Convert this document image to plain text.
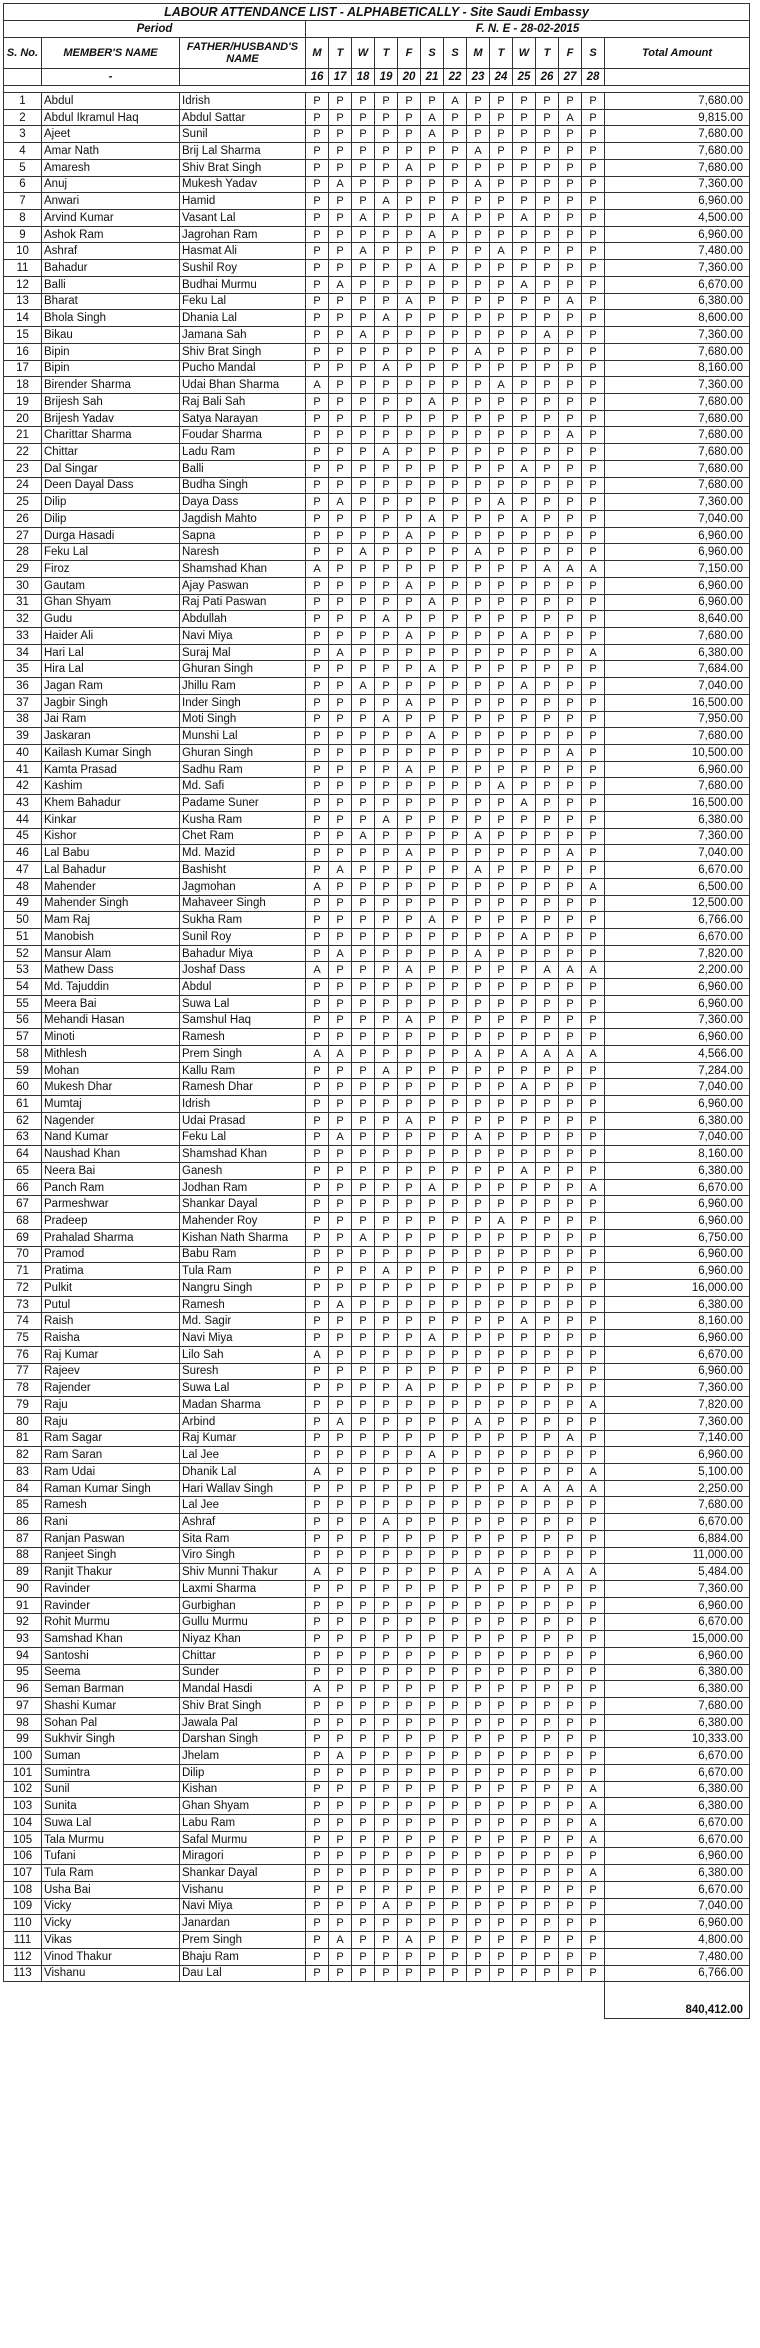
LABOUR ATTENDANCE LIST - ALPHABETICALLY - Site Saudi Embassy																
Period			F. N. E - 28-02-2015													
S. No.	MEMBER'S NAME	FATHER/HUSBAND'S NAME	M	T	W	T	F	S	S	M	T	W	T	F	S	Total Amount
	-		16	17	18	19	20	21	22	23	24	25	26	27	28	

1	Abdul	Idrish	P	P	P	P	P	P	A	P	P	P	P	P	P	7,680.00
2	Abdul Ikramul Haq	Abdul Sattar	P	P	P	P	P	A	P	P	P	P	P	A	P	9,815.00
3	Ajeet	Sunil	P	P	P	P	P	A	P	P	P	P	P	P	P	7,680.00
4	Amar Nath	Brij Lal Sharma	P	P	P	P	P	P	P	A	P	P	P	P	P	7,680.00
5	Amaresh	Shiv Brat Singh	P	P	P	P	A	P	P	P	P	P	P	P	P	7,680.00
6	Anuj	Mukesh Yadav	P	A	P	P	P	P	P	A	P	P	P	P	P	7,360.00
7	Anwari	Hamid	P	P	P	A	P	P	P	P	P	P	P	P	P	6,960.00
8	Arvind Kumar	Vasant Lal	P	P	A	P	P	P	A	P	P	A	P	P	P	4,500.00
9	Ashok Ram	Jagrohan Ram	P	P	P	P	P	A	P	P	P	P	P	P	P	6,960.00
10	Ashraf	Hasmat Ali	P	P	A	P	P	P	P	P	A	P	P	P	P	7,480.00
11	Bahadur	Sushil Roy	P	P	P	P	P	A	P	P	P	P	P	P	P	7,360.00
12	Balli	Budhai Murmu	P	A	P	P	P	P	P	P	P	A	P	P	P	6,670.00
13	Bharat	Feku Lal	P	P	P	P	A	P	P	P	P	P	P	A	P	6,380.00
14	Bhola Singh	Dhania Lal	P	P	P	A	P	P	P	P	P	P	P	P	P	8,600.00
15	Bikau	Jamana Sah	P	P	A	P	P	P	P	P	P	P	A	P	P	7,360.00
16	Bipin	Shiv Brat Singh	P	P	P	P	P	P	P	A	P	P	P	P	P	7,680.00
17	Bipin	Pucho Mandal	P	P	P	A	P	P	P	P	P	P	P	P	P	8,160.00
18	Birender Sharma	Udai Bhan Sharma	A	P	P	P	P	P	P	P	A	P	P	P	P	7,360.00
19	Brijesh Sah	Raj Bali Sah	P	P	P	P	P	A	P	P	P	P	P	P	P	7,680.00
20	Brijesh Yadav	Satya Narayan	P	P	P	P	P	P	P	P	P	P	P	P	P	7,680.00
21	Charittar Sharma	Foudar Sharma	P	P	P	P	P	P	P	P	P	P	P	A	P	7,680.00
22	Chittar	Ladu Ram	P	P	P	A	P	P	P	P	P	P	P	P	P	7,680.00
23	Dal Singar	Balli	P	P	P	P	P	P	P	P	P	A	P	P	P	7,680.00
24	Deen Dayal Dass	Budha Singh	P	P	P	P	P	P	P	P	P	P	P	P	P	7,680.00
25	Dilip	Daya Dass	P	A	P	P	P	P	P	P	A	P	P	P	P	7,360.00
26	Dilip	Jagdish Mahto	P	P	P	P	P	A	P	P	P	A	P	P	P	7,040.00
27	Durga Hasadi	Sapna	P	P	P	P	A	P	P	P	P	P	P	P	P	6,960.00
28	Feku Lal	Naresh	P	P	A	P	P	P	P	A	P	P	P	P	P	6,960.00
29	Firoz	Shamshad Khan	A	P	P	P	P	P	P	P	P	P	A	A	A	7,150.00
30	Gautam	Ajay Paswan	P	P	P	P	A	P	P	P	P	P	P	P	P	6,960.00
31	Ghan Shyam	Raj Pati Paswan	P	P	P	P	P	A	P	P	P	P	P	P	P	6,960.00
32	Gudu	Abdullah	P	P	P	A	P	P	P	P	P	P	P	P	P	8,640.00
33	Haider Ali	Navi Miya	P	P	P	P	A	P	P	P	P	A	P	P	P	7,680.00
34	Hari Lal	Suraj Mal	P	A	P	P	P	P	P	P	P	P	P	P	A	6,380.00
35	Hira Lal	Ghuran Singh	P	P	P	P	P	A	P	P	P	P	P	P	P	7,684.00
36	Jagan Ram	Jhillu Ram	P	P	A	P	P	P	P	P	P	A	P	P	P	7,040.00
37	Jagbir Singh	Inder Singh	P	P	P	P	A	P	P	P	P	P	P	P	P	16,500.00
38	Jai Ram	Moti Singh	P	P	P	A	P	P	P	P	P	P	P	P	P	7,950.00
39	Jaskaran	Munshi Lal	P	P	P	P	P	A	P	P	P	P	P	P	P	7,680.00
40	Kailash Kumar Singh	Ghuran Singh	P	P	P	P	P	P	P	P	P	P	P	A	P	10,500.00
41	Kamta Prasad	Sadhu Ram	P	P	P	P	A	P	P	P	P	P	P	P	P	6,960.00
42	Kashim	Md. Safi	P	P	P	P	P	P	P	P	A	P	P	P	P	7,680.00
43	Khem Bahadur	Padame Suner	P	P	P	P	P	P	P	P	P	A	P	P	P	16,500.00
44	Kinkar	Kusha Ram	P	P	P	A	P	P	P	P	P	P	P	P	P	6,380.00
45	Kishor	Chet Ram	P	P	A	P	P	P	P	A	P	P	P	P	P	7,360.00
46	Lal Babu	Md. Mazid	P	P	P	P	A	P	P	P	P	P	P	A	P	7,040.00
47	Lal Bahadur	Bashisht	P	A	P	P	P	P	P	A	P	P	P	P	P	6,670.00
48	Mahender	Jagmohan	A	P	P	P	P	P	P	P	P	P	P	P	A	6,500.00
49	Mahender Singh	Mahaveer Singh	P	P	P	P	P	P	P	P	P	P	P	P	P	12,500.00
50	Mam Raj	Sukha Ram	P	P	P	P	P	A	P	P	P	P	P	P	P	6,766.00
51	Manobish	Sunil Roy	P	P	P	P	P	P	P	P	P	A	P	P	P	6,670.00
52	Mansur Alam	Bahadur Miya	P	A	P	P	P	P	P	A	P	P	P	P	P	7,820.00
53	Mathew Dass	Joshaf Dass	A	P	P	P	A	P	P	P	P	P	A	A	A	2,200.00
54	Md. Tajuddin	Abdul	P	P	P	P	P	P	P	P	P	P	P	P	P	6,960.00
55	Meera Bai	Suwa Lal	P	P	P	P	P	P	P	P	P	P	P	P	P	6,960.00
56	Mehandi Hasan	Samshul Haq	P	P	P	P	A	P	P	P	P	P	P	P	P	7,360.00
57	Minoti	Ramesh	P	P	P	P	P	P	P	P	P	P	P	P	P	6,960.00
58	Mithlesh	Prem Singh	A	A	P	P	P	P	P	A	P	A	A	A	A	4,566.00
59	Mohan	Kallu Ram	P	P	P	A	P	P	P	P	P	P	P	P	P	7,284.00
60	Mukesh Dhar	Ramesh Dhar	P	P	P	P	P	P	P	P	P	A	P	P	P	7,040.00
61	Mumtaj	Idrish	P	P	P	P	P	P	P	P	P	P	P	P	P	6,960.00
62	Nagender	Udai Prasad	P	P	P	P	A	P	P	P	P	P	P	P	P	6,380.00
63	Nand Kumar	Feku Lal	P	A	P	P	P	P	P	A	P	P	P	P	P	7,040.00
64	Naushad Khan	Shamshad Khan	P	P	P	P	P	P	P	P	P	P	P	P	P	8,160.00
65	Neera Bai	Ganesh	P	P	P	P	P	P	P	P	P	A	P	P	P	6,380.00
66	Panch Ram	Jodhan Ram	P	P	P	P	P	A	P	P	P	P	P	P	A	6,670.00
67	Parmeshwar	Shankar Dayal	P	P	P	P	P	P	P	P	P	P	P	P	P	6,960.00
68	Pradeep	Mahender Roy	P	P	P	P	P	P	P	P	A	P	P	P	P	6,960.00
69	Prahalad Sharma	Kishan Nath Sharma	P	P	A	P	P	P	P	P	P	P	P	P	P	6,750.00
70	Pramod	Babu Ram	P	P	P	P	P	P	P	P	P	P	P	P	P	6,960.00
71	Pratima	Tula Ram	P	P	P	A	P	P	P	P	P	P	P	P	P	6,960.00
72	Pulkit	Nangru Singh	P	P	P	P	P	P	P	P	P	P	P	P	P	16,000.00
73	Putul	Ramesh	P	A	P	P	P	P	P	P	P	P	P	P	P	6,380.00
74	Raish	Md. Sagir	P	P	P	P	P	P	P	P	P	A	P	P	P	8,160.00
75	Raisha	Navi Miya	P	P	P	P	P	A	P	P	P	P	P	P	P	6,960.00
76	Raj Kumar	Lilo Sah	A	P	P	P	P	P	P	P	P	P	P	P	P	6,670.00
77	Rajeev	Suresh	P	P	P	P	P	P	P	P	P	P	P	P	P	6,960.00
78	Rajender	Suwa Lal	P	P	P	P	A	P	P	P	P	P	P	P	P	7,360.00
79	Raju	Madan Sharma	P	P	P	P	P	P	P	P	P	P	P	P	A	7,820.00
80	Raju	Arbind	P	A	P	P	P	P	P	A	P	P	P	P	P	7,360.00
81	Ram Sagar	Raj Kumar	P	P	P	P	P	P	P	P	P	P	P	A	P	7,140.00
82	Ram Saran	Lal Jee	P	P	P	P	P	A	P	P	P	P	P	P	P	6,960.00
83	Ram Udai	Dhanik Lal	A	P	P	P	P	P	P	P	P	P	P	P	A	5,100.00
84	Raman Kumar Singh	Hari Wallav Singh	P	P	P	P	P	P	P	P	P	A	A	A	A	2,250.00
85	Ramesh	Lal Jee	P	P	P	P	P	P	P	P	P	P	P	P	P	7,680.00
86	Rani	Ashraf	P	P	P	A	P	P	P	P	P	P	P	P	P	6,670.00
87	Ranjan Paswan	Sita Ram	P	P	P	P	P	P	P	P	P	P	P	P	P	6,884.00
88	Ranjeet Singh	Viro Singh	P	P	P	P	P	P	P	P	P	P	P	P	P	11,000.00
89	Ranjit Thakur	Shiv Munni Thakur	A	P	P	P	P	P	P	A	P	P	A	A	A	5,484.00
90	Ravinder	Laxmi Sharma	P	P	P	P	P	P	P	P	P	P	P	P	P	7,360.00
91	Ravinder	Gurbighan	P	P	P	P	P	P	P	P	P	P	P	P	P	6,960.00
92	Rohit Murmu	Gullu Murmu	P	P	P	P	P	P	P	P	P	P	P	P	P	6,670.00
93	Samshad Khan	Niyaz Khan	P	P	P	P	P	P	P	P	P	P	P	P	P	15,000.00
94	Santoshi	Chittar	P	P	P	P	P	P	P	P	P	P	P	P	P	6,960.00
95	Seema	Sunder	P	P	P	P	P	P	P	P	P	P	P	P	P	6,380.00
96	Seman Barman	Mandal Hasdi	A	P	P	P	P	P	P	P	P	P	P	P	P	6,380.00
97	Shashi Kumar	Shiv Brat Singh	P	P	P	P	P	P	P	P	P	P	P	P	P	7,680.00
98	Sohan Pal	Jawala Pal	P	P	P	P	P	P	P	P	P	P	P	P	P	6,380.00
99	Sukhvir Singh	Darshan Singh	P	P	P	P	P	P	P	P	P	P	P	P	P	10,333.00
100	Suman	Jhelam	P	A	P	P	P	P	P	P	P	P	P	P	P	6,670.00
101	Sumintra	Dilip	P	P	P	P	P	P	P	P	P	P	P	P	P	6,670.00
102	Sunil	Kishan	P	P	P	P	P	P	P	P	P	P	P	P	A	6,380.00
103	Sunita	Ghan Shyam	P	P	P	P	P	P	P	P	P	P	P	P	A	6,380.00
104	Suwa Lal	Labu Ram	P	P	P	P	P	P	P	P	P	P	P	P	A	6,670.00
105	Tala Murmu	Safal Murmu	P	P	P	P	P	P	P	P	P	P	P	P	A	6,670.00
106	Tufani	Miragori	P	P	P	P	P	P	P	P	P	P	P	P	P	6,960.00
107	Tula Ram	Shankar Dayal	P	P	P	P	P	P	P	P	P	P	P	P	A	6,380.00
108	Usha Bai	Vishanu	P	P	P	P	P	P	P	P	P	P	P	P	P	6,670.00
109	Vicky	Navi Miya	P	P	P	A	P	P	P	P	P	P	P	P	P	7,040.00
110	Vicky	Janardan	P	P	P	P	P	P	P	P	P	P	P	P	P	6,960.00
111	Vikas	Prem Singh	P	A	P	P	A	P	P	P	P	P	P	P	P	4,800.00
112	Vinod Thakur	Bhaju Ram	P	P	P	P	P	P	P	P	P	P	P	P	P	7,480.00
113	Vishanu	Dau Lal	P	P	P	P	P	P	P	P	P	P	P	P	P	6,766.00
																840,412.00
